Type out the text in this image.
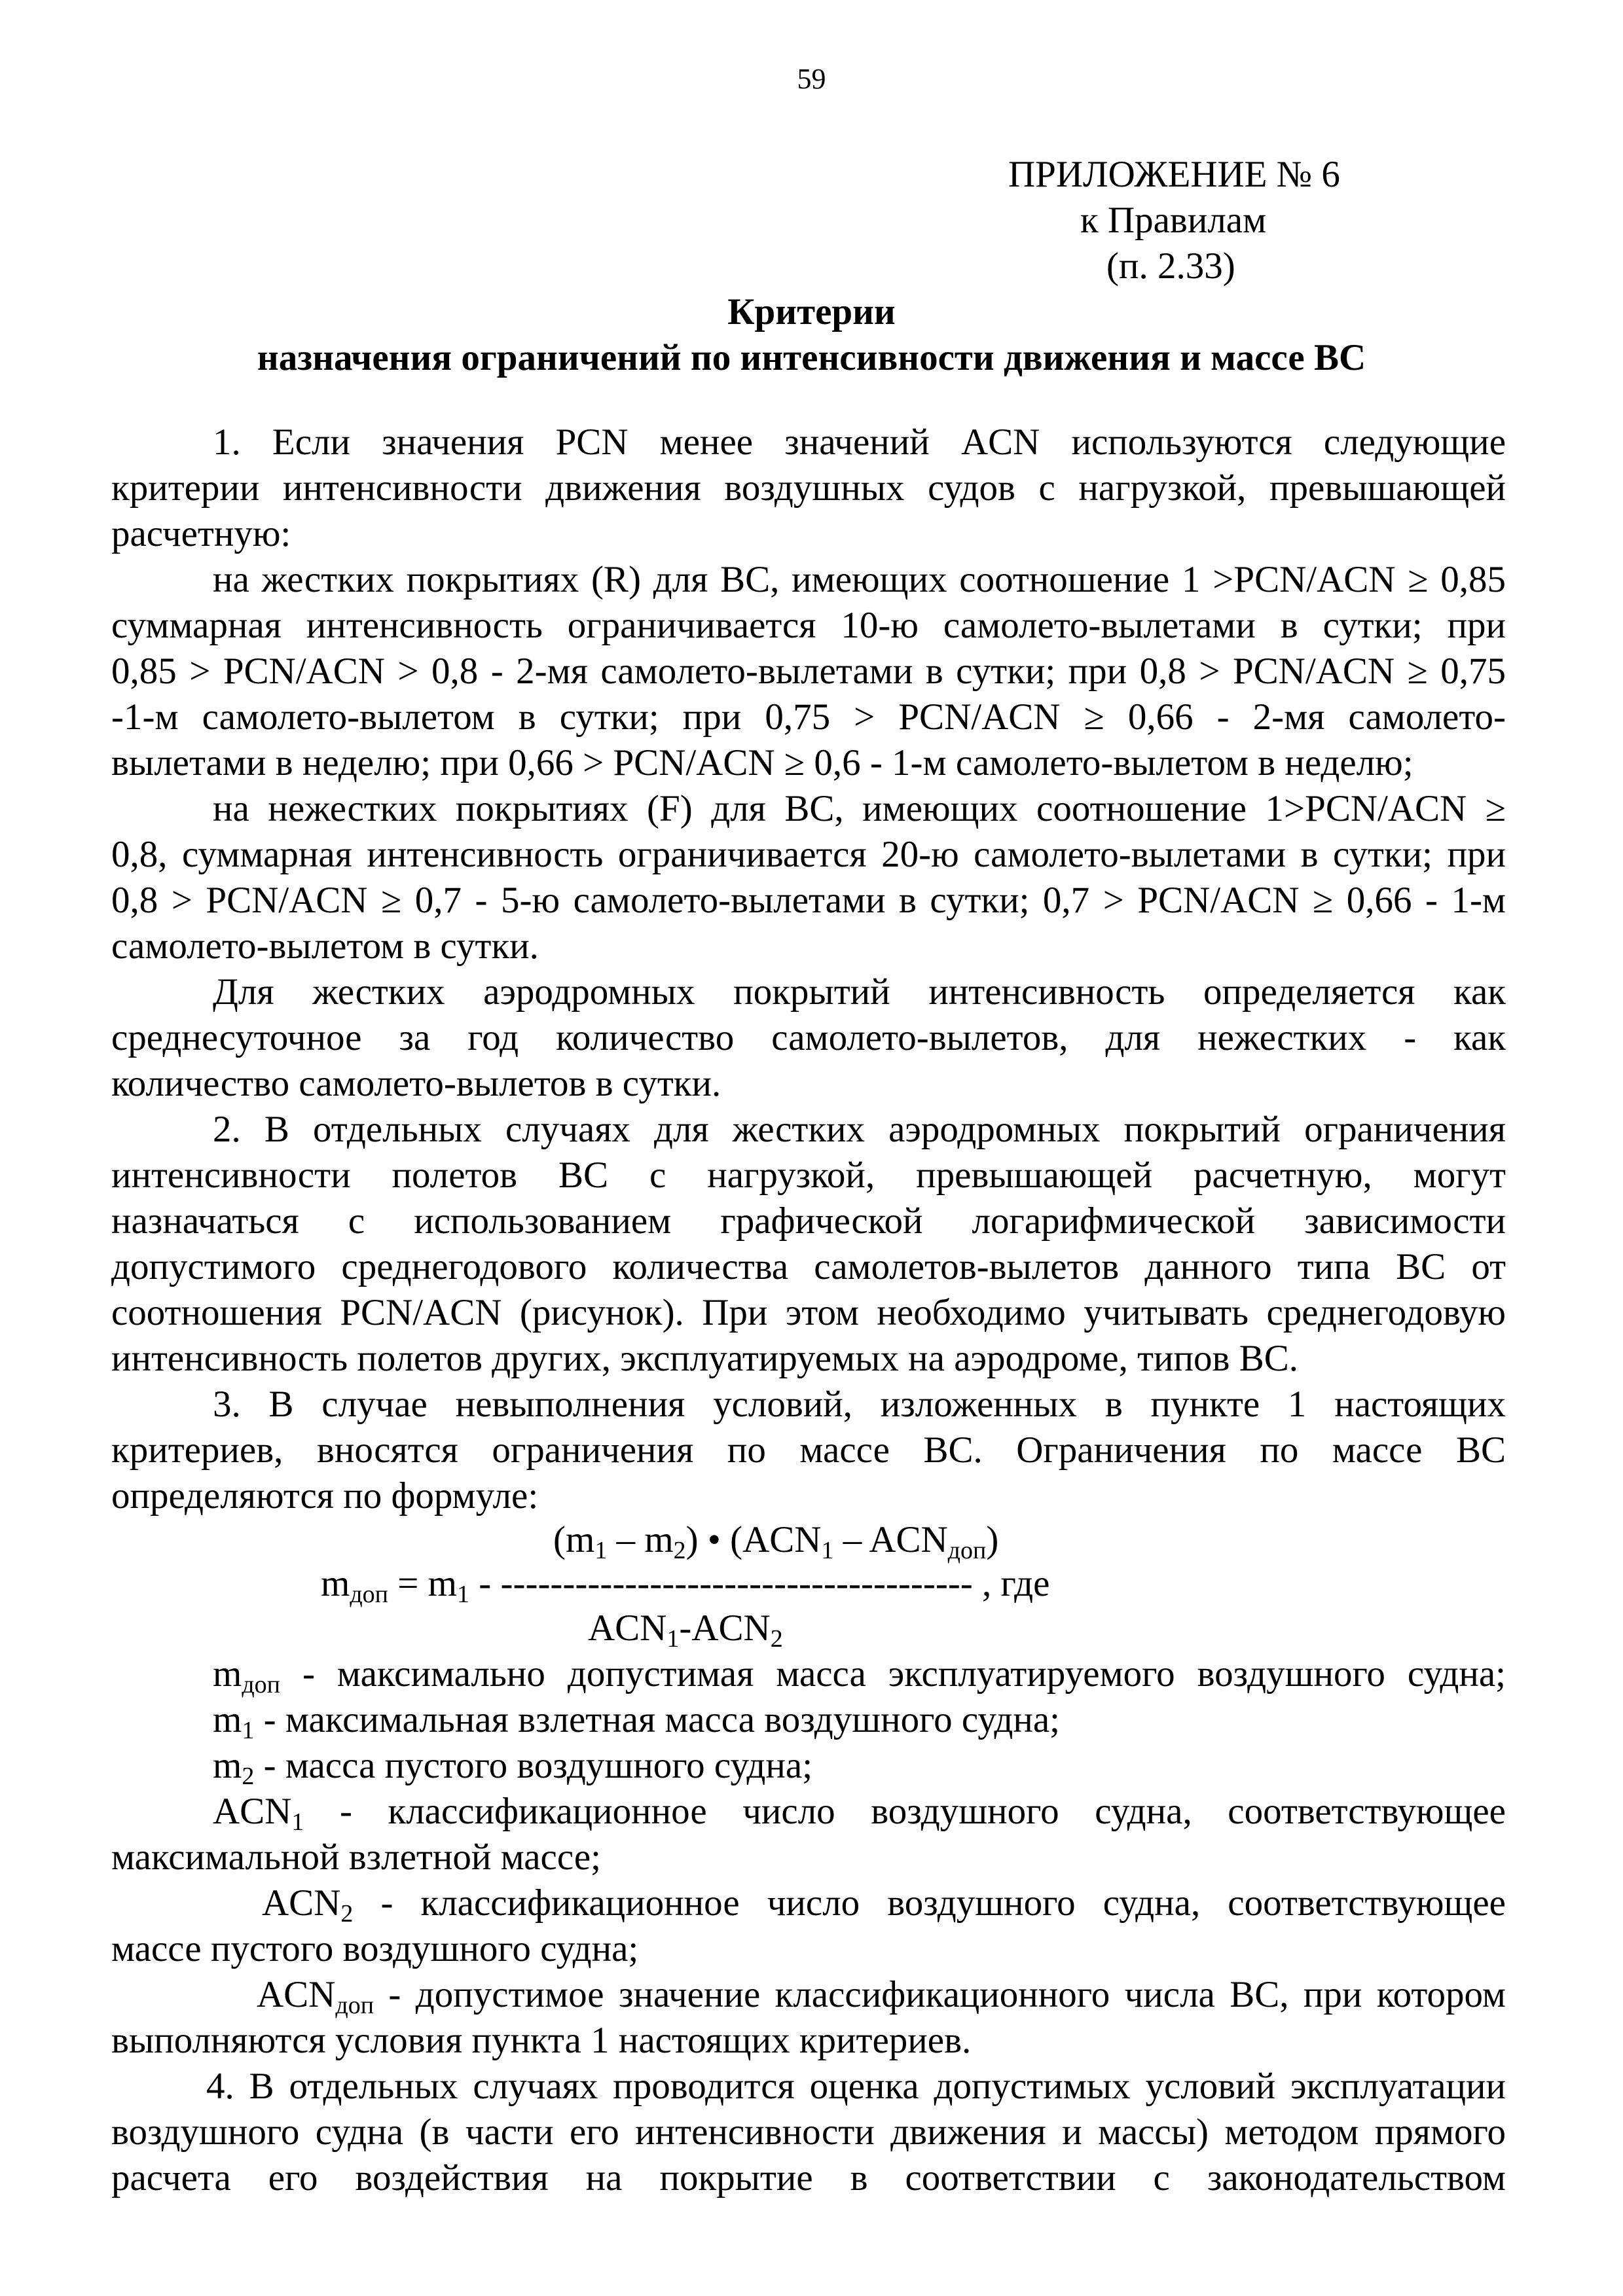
59
ПРИЛОЖЕНИЕ № 6
к Правилам
(п. 2.33)
Критерии
назначения ограничений по интенсивности движения и массе ВС
1. Если значения PCN менее значений ACN используются следующие
критерии интенсивности движения воздушных судов с нагрузкой, превышающей
расчетную:
на жестких покрытиях (R) для ВС, имеющих соотношение 1 >PCN/ACN ≥ 0,85
суммарная интенсивность ограничивается 10-ю самолето-вылетами в сутки; при
0,85 > PCN/ACN > 0,8 - 2-мя самолето-вылетами в сутки; при 0,8 > PCN/ACN ≥ 0,75
-1-м самолето-вылетом в сутки; при 0,75 > PCN/ACN ≥ 0,66 - 2-мя самолето-
вылетами в неделю; при 0,66 > PCN/ACN ≥ 0,6 - 1-м самолето-вылетом в неделю;
на нежестких покрытиях (F) для ВС, имеющих соотношение 1>PCN/ACN ≥
0,8, суммарная интенсивность ограничивается 20-ю самолето-вылетами в сутки; при
0,8 > PCN/ACN ≥ 0,7 - 5-ю самолето-вылетами в сутки; 0,7 > PCN/ACN ≥ 0,66 - 1-м
самолето-вылетом в сутки.
Для жестких аэродромных покрытий интенсивность определяется как
среднесуточное за год количество самолето-вылетов, для нежестких - как
количество самолето-вылетов в сутки.
2. В отдельных случаях для жестких аэродромных покрытий ограничения
интенсивности полетов ВС с нагрузкой, превышающей расчетную, могут
назначаться с использованием графической логарифмической зависимости
допустимого среднегодового количества самолетов-вылетов данного типа ВС от
соотношения PCN/ACN (рисунок). При этом необходимо учитывать среднегодовую
интенсивность полетов других, эксплуатируемых на аэродроме, типов ВС.
3. В случае невыполнения условий, изложенных в пункте 1 настоящих
критериев, вносятся ограничения по массе ВС. Ограничения по массе ВС
определяются по формуле:
$(m_1 - m_2)$ • $(ACN_1 - ACN_{доп})$
$m_{доп} = m_1$ - -------------------------------------- , где
$ACN_1-ACN_2$
$m_{доп}$ - максимально допустимая масса эксплуатируемого воздушного судна;
$m_1$ - максимальная взлетная масса воздушного судна;
$m_2$ - масса пустого воздушного судна;
$ACN_1$ - классификационное число воздушного судна, соответствующее
максимальной взлетной массе;
$ACN_2$ - классификационное число воздушного судна, соответствующее
массе пустого воздушного судна;
$ACN_{доп}$ - допустимое значение классификационного числа ВС, при котором
выполняются условия пункта 1 настоящих критериев.
4. В отдельных случаях проводится оценка допустимых условий эксплуатации
воздушного судна (в части его интенсивности движения и массы) методом прямого
расчета его воздействия на покрытие в соответствии с законодательством
